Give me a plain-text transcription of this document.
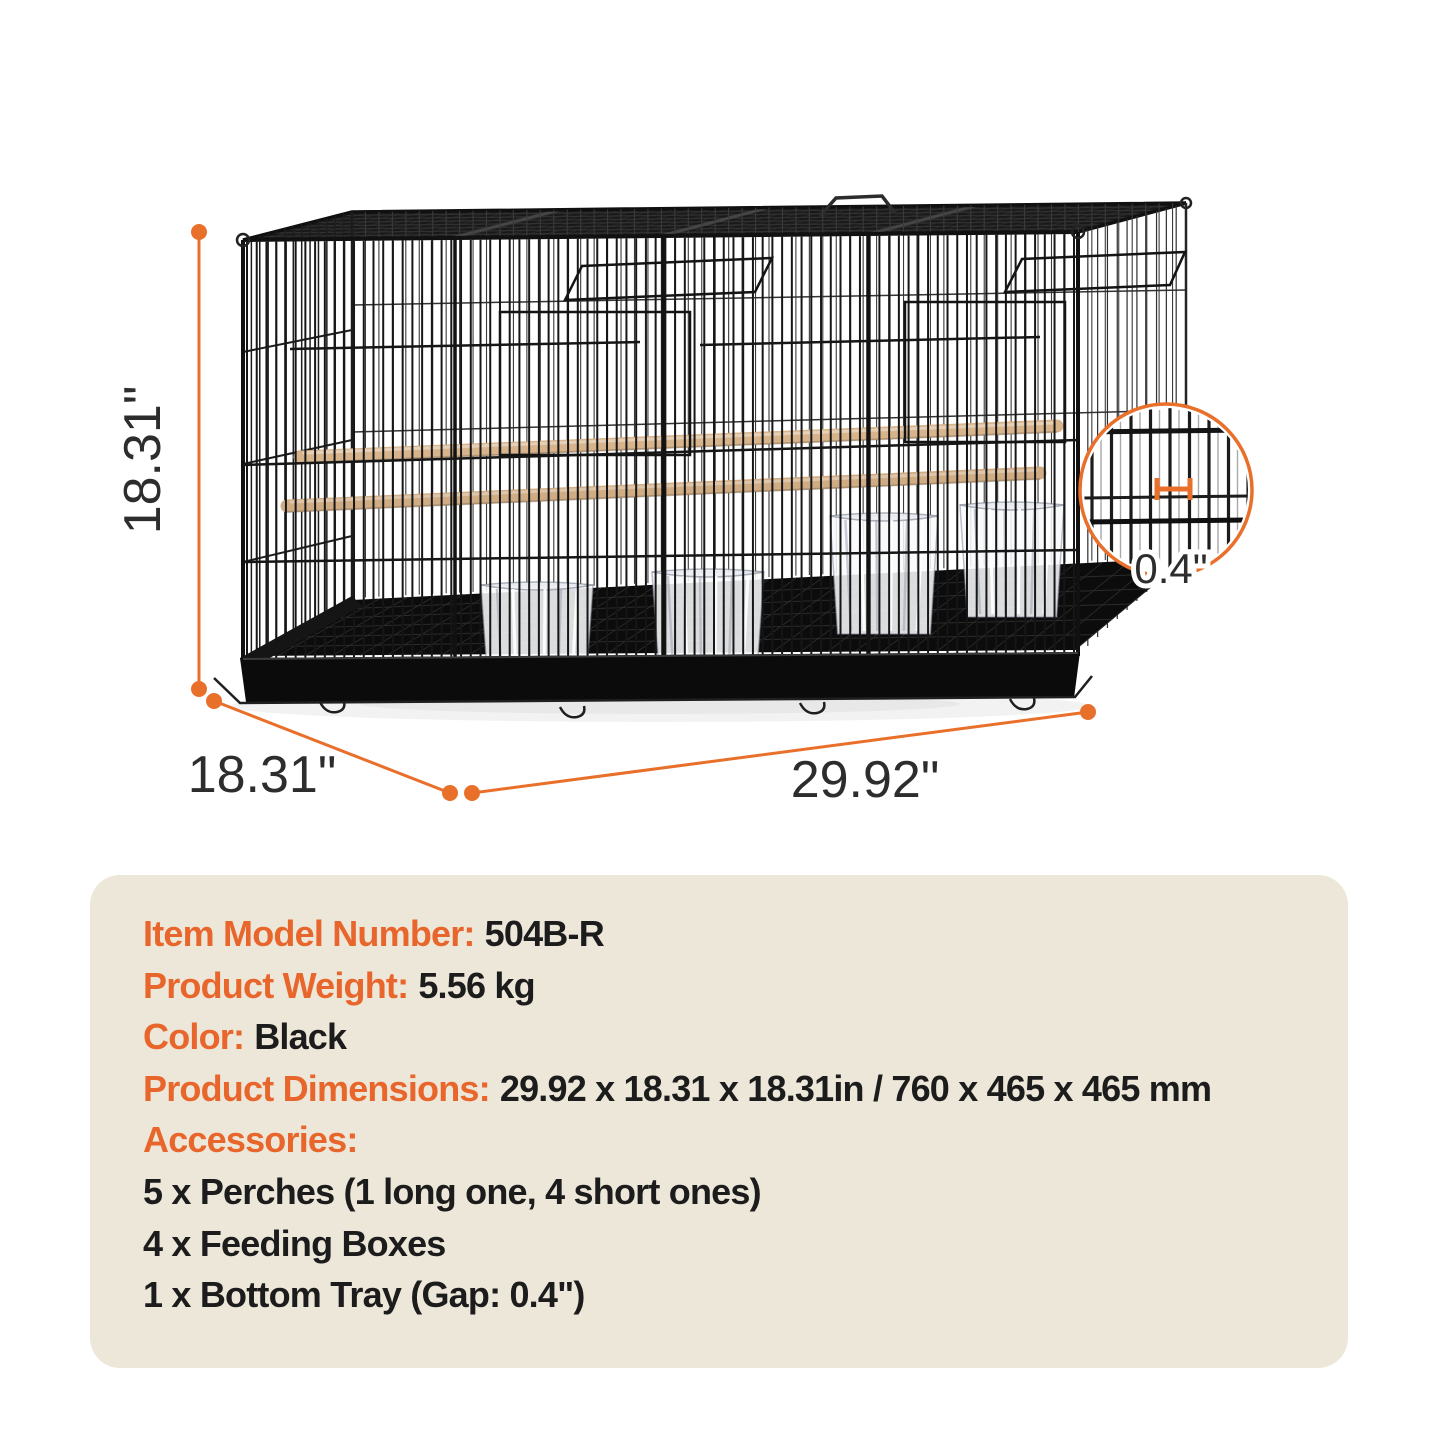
18.31"
18.31"	29.92"
0.4"
Item Model Number: 504B-R
Product Weight: 5.56 kg
Color: Black
Product Dimensions: 29.92 x 18.31 x 18.31in / 760 x 465 x 465 mm
Accessories:
5 x Perches (1 long one, 4 short ones)
4 x Feeding Boxes
1 x Bottom Tray (Gap: 0.4")
